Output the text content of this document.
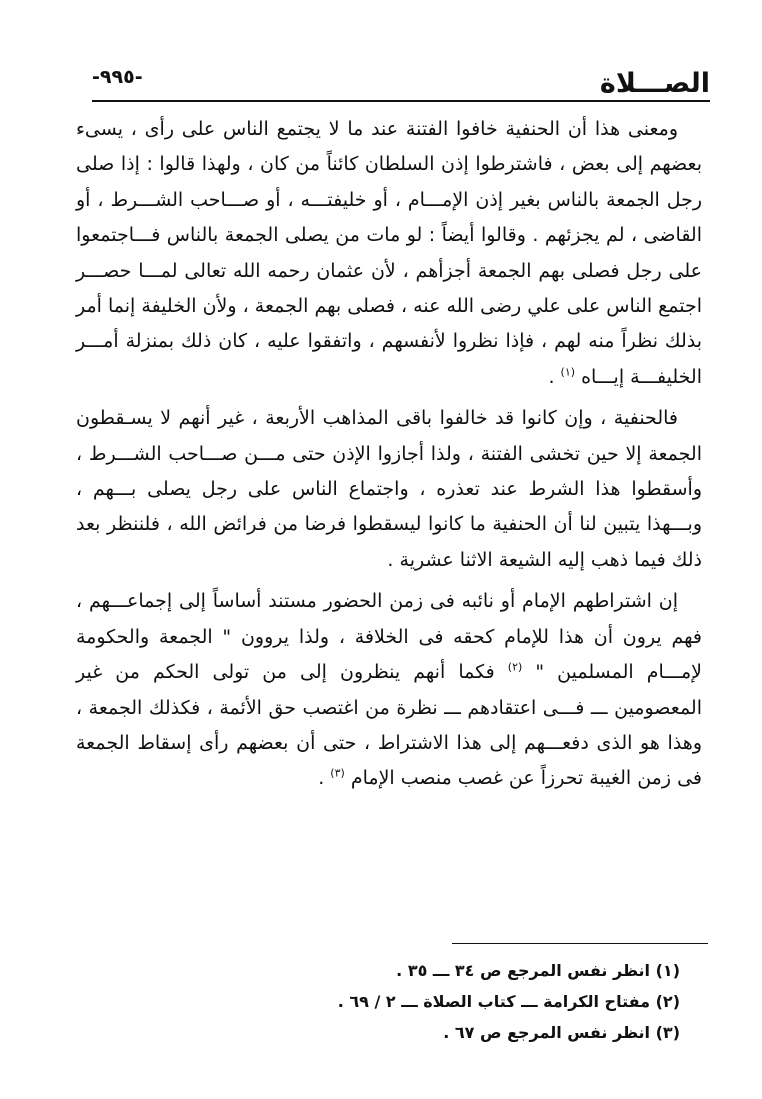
الصـــلاة
-٩٩٥-

ومعنى هذا أن الحنفية خافوا الفتنة عند ما لا يجتمع الناس على رأى ، يسىء بعضهم إلى بعض ، فاشترطوا إذن السلطان كائناً من كان ، ولهذا قالوا : إذا صلى رجل الجمعة بالناس بغير إذن الإمـــام ، أو خليفتـــه ، أو صـــاحب الشـــرط ، أو القاضى ، لم يجزئهم . وقالوا أيضاً : لو مات من يصلى الجمعة بالناس فـــاجتمعوا على رجل فصلى بهم الجمعة أجزأهم ، لأن عثمان رحمه الله تعالى لمـــا حصـــر اجتمع الناس على علي رضى الله عنه ، فصلى بهم الجمعة ، ولأن الخليفة إنما أمر بذلك نظراً منه لهم ، فإذا نظروا لأنفسهم ، واتفقوا عليه ، كان ذلك بمنزلة أمـــر الخليفـــة إيـــاه $^{(١)}$ .

فالحنفية ، وإن كانوا قد خالفوا باقى المذاهب الأربعة ، غير أنهم لا يسـقطون الجمعة إلا حين تخشى الفتنة ، ولذا أجازوا الإذن حتى مـــن صـــاحب الشـــرط ، وأسقطوا هذا الشرط عند تعذره ، واجتماع الناس على رجل يصلى بـــهم ، وبـــهذا يتبين لنا أن الحنفية ما كانوا ليسقطوا فرضا من فرائض الله ، فلننظر بعد ذلك فيما ذهب إليه الشيعة الاثنا عشرية .

إن اشتراطهم الإمام أو نائبه فى زمن الحضور مستند أساساً إلى إجماعـــهم ، فهم يرون أن هذا للإمام كحقه فى الخلافة ، ولذا يروون " الجمعة والحكومة لإمـــام المسلمين " $^{(٢)}$ فكما أنهم ينظرون إلى من تولى الحكم من غير المعصومين ـــ فـــى اعتقادهم ـــ نظرة من اغتصب حق الأئمة ، فكذلك الجمعة ، وهذا هو الذى دفعـــهم إلى هذا الاشتراط ، حتى أن بعضهم رأى إسقاط الجمعة فى زمن الغيبة تحرزاً عن غصب منصب الإمام $^{(٣)}$ .

(١) انظر نفس المرجع ص ٣٤ ـــ ٣٥ .
(٢) مفتاح الكرامة ـــ كتاب الصلاة ـــ ٢ / ٦٩ .
(٣) انظر نفس المرجع ص ٦٧ .
